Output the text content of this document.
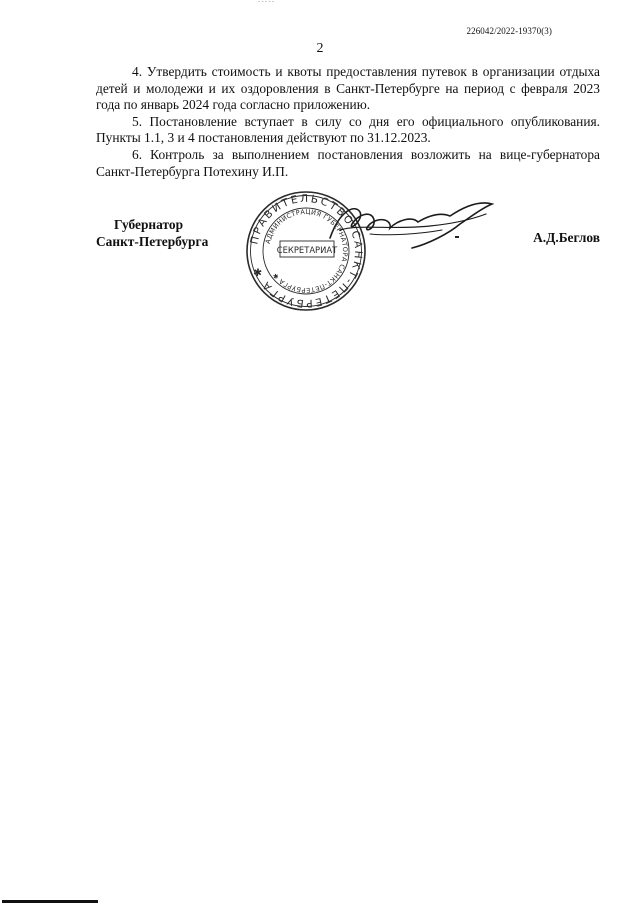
- - - - -
226042/2022-19370(3)
2

4. Утвердить стоимость и квоты предоставления путевок в организации отдыха детей и молодежи и их оздоровления в Санкт-Петербурге на период с февраля 2023 года по январь 2024 года согласно приложению.

5. Постановление вступает в силу со дня его официального опубликования. Пункты 1.1, 3 и 4 постановления действуют по 31.12.2023.

6. Контроль за выполнением постановления возложить на вице-губернатора Санкт-Петербурга Потехину И.П.

Губернатор
Санкт-Петербурга	ПРАВИТЕЛЬСТВО САНКТ-ПЕТЕРБУРГА ✱
АДМИНИСТРАЦИЯ ГУБЕРНАТОРА САНКТ-ПЕТЕРБУРГА ✱
СЕКРЕТАРИАТ
А.Д.Беглов
